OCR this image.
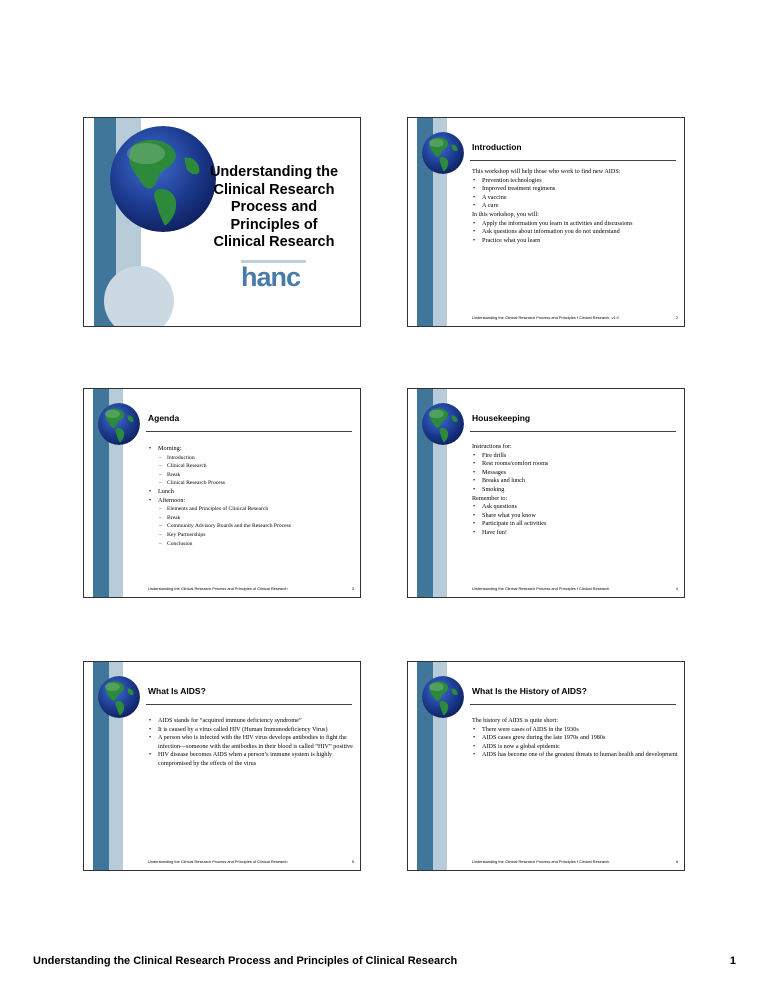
Understanding the Clinical Research Process and Principles of Clinical Research
hanc
Introduction

This workshop will help those who work to find new AIDS:

• Prevention technologies
• Improved treatment regimens
• A vaccine
• A cure

In this workshop, you will:

• Apply the information you learn in activities and discussions
• Ask questions about information you do not understand
• Practice what you learn
Understanding the Clinical Research Process and Principles f Clinical Research, v1.0	2
Agenda
• Morning:
– Introduction
– Clinical Research
– Break
– Clinical Research Process
• Lunch
• Afternoon:
– Elements and Principles of Clinical Research
– Break
– Community Advisory Boards and the Research Process
– Key Partnerships
– Conclusion
Understanding the Clinical Research Process and Principles of Clinical Research	3
Housekeeping

Instructions for:

• Fire drills
• Rest rooms/comfort rooms
• Messages
• Breaks and lunch
• Smoking

Remember to:

• Ask questions
• Share what you know
• Participate in all activities
• Have fun!
Understanding the Clinical Research Process and Principles f Clinical Research	4
What Is AIDS?
• AIDS stands for “acquired immune deficiency syndrome”
• It is caused by a virus called HIV (Human Immunodeficiency Virus)
• A person who is infected with the HIV virus develops antibodies to fight the infection—someone with the antibodies in their blood is called “HIV” positive
• HIV disease becomes AIDS when a person’s immune system is highly compromised by the effects of the virus
Understanding the Clinical Research Process and Principles of Clinical Research	5
What Is the History of AIDS?

The history of AIDS is quite short:

• There were cases of AIDS in the 1930s
• AIDS cases grew during the late 1970s and 1980s
• AIDS is now a global epidemic
• AIDS has become one of the greatest threats to human health and development
Understanding the Clinical Research Process and Principles f Clinical Research	6
Understanding the Clinical Research Process and Principles of Clinical Research	1
